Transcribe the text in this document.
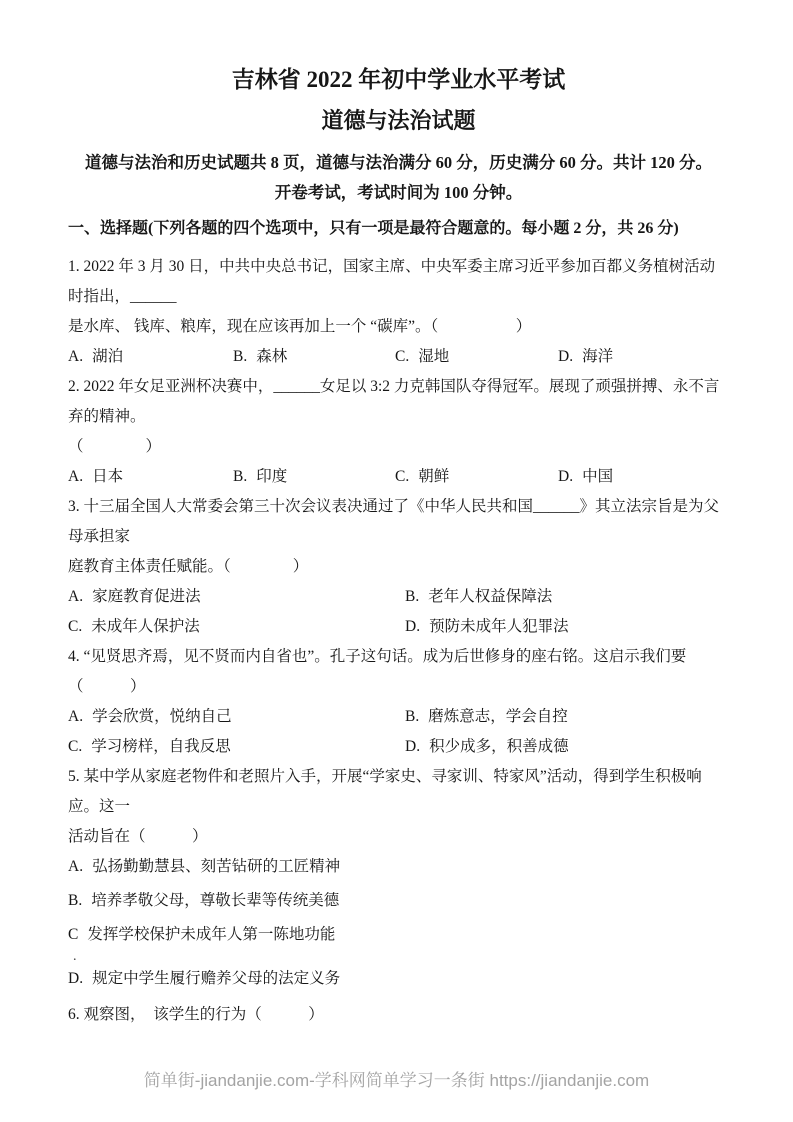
吉林省 2022 年初中学业水平考试
道德与法治试题
道德与法治和历史试题共 8 页，道德与法治满分 60 分，历史满分 60 分。共计 120 分。
开卷考试，考试时间为 100 分钟。
一、选择题(下列各题的四个选项中，只有一项是最符合题意的。每小题 2 分，共 26 分)
1. 2022 年 3 月 30 日，中共中央总书记，国家主席、中央军委主席习近平参加百都义务植树活动时指出，______
是水库、 钱库、粮库，现在应该再加上一个 “碳库”。（　　　　　）
A. 湖泊	B. 森林	C. 湿地	D. 海洋
2. 2022 年女足亚洲杯决赛中，______女足以 3:2 力克韩国队夺得冠军。展现了顽强拼搏、永不言弃的精神。
（　　　　）
A. 日本	B. 印度	C. 朝鲜	D. 中国
3. 十三届全国人大常委会第三十次会议表决通过了《中华人民共和国______》其立法宗旨是为父母承担家
庭教育主体责任赋能。（　　　　）
A. 家庭教育促进法	B. 老年人权益保障法
C. 未成年人保护法	D. 预防未成年人犯罪法
4. “见贤思齐焉，见不贤而内自省也”。孔子这句话。成为后世修身的座右铭。这启示我们要（　　　）
A. 学会欣赏，悦纳自己	B. 磨炼意志，学会自控
C. 学习榜样，自我反思	D. 积少成多，积善成德
5. 某中学从家庭老物件和老照片入手，开展“学家史、寻家训、特家风”活动，得到学生积极响应。这一
活动旨在（　　　）
A. 弘扬勤勤慧县、刻苦钻研的工匠精神
B. 培养孝敬父母，尊敬长辈等传统美德
C 发挥学校保护未成年人第一陈地功能
.
D. 规定中学生履行赡养父母的法定义务
6. 观察图，　该学生的行为（　　　）
简单街-jiandanjie.com-学科网简单学习一条街 https://jiandanjie.com
